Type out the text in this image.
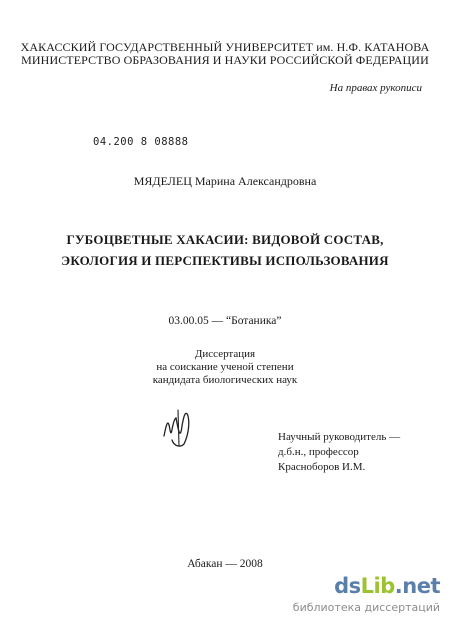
ХАКАССКИЙ ГОСУДАРСТВЕННЫЙ УНИВЕРСИТЕТ им. Н.Ф. КАТАНОВА
МИНИСТЕРСТВО ОБРАЗОВАНИЯ И НАУКИ РОССИЙСКОЙ ФЕДЕРАЦИИ
На правах рукописи
04.200 8 08888
МЯДЕЛЕЦ Марина Александровна
ГУБОЦВЕТНЫЕ ХАКАСИИ: ВИДОВОЙ СОСТАВ,
ЭКОЛОГИЯ И ПЕРСПЕКТИВЫ ИСПОЛЬЗОВАНИЯ
03.00.05 — “Ботаника”
Диссертация
на соискание ученой степени
кандидата биологических наук
Научный руководитель —
д.б.н., профессор
Красноборов И.М.
Абакан — 2008
dsLib.net
библиотека диссертаций
